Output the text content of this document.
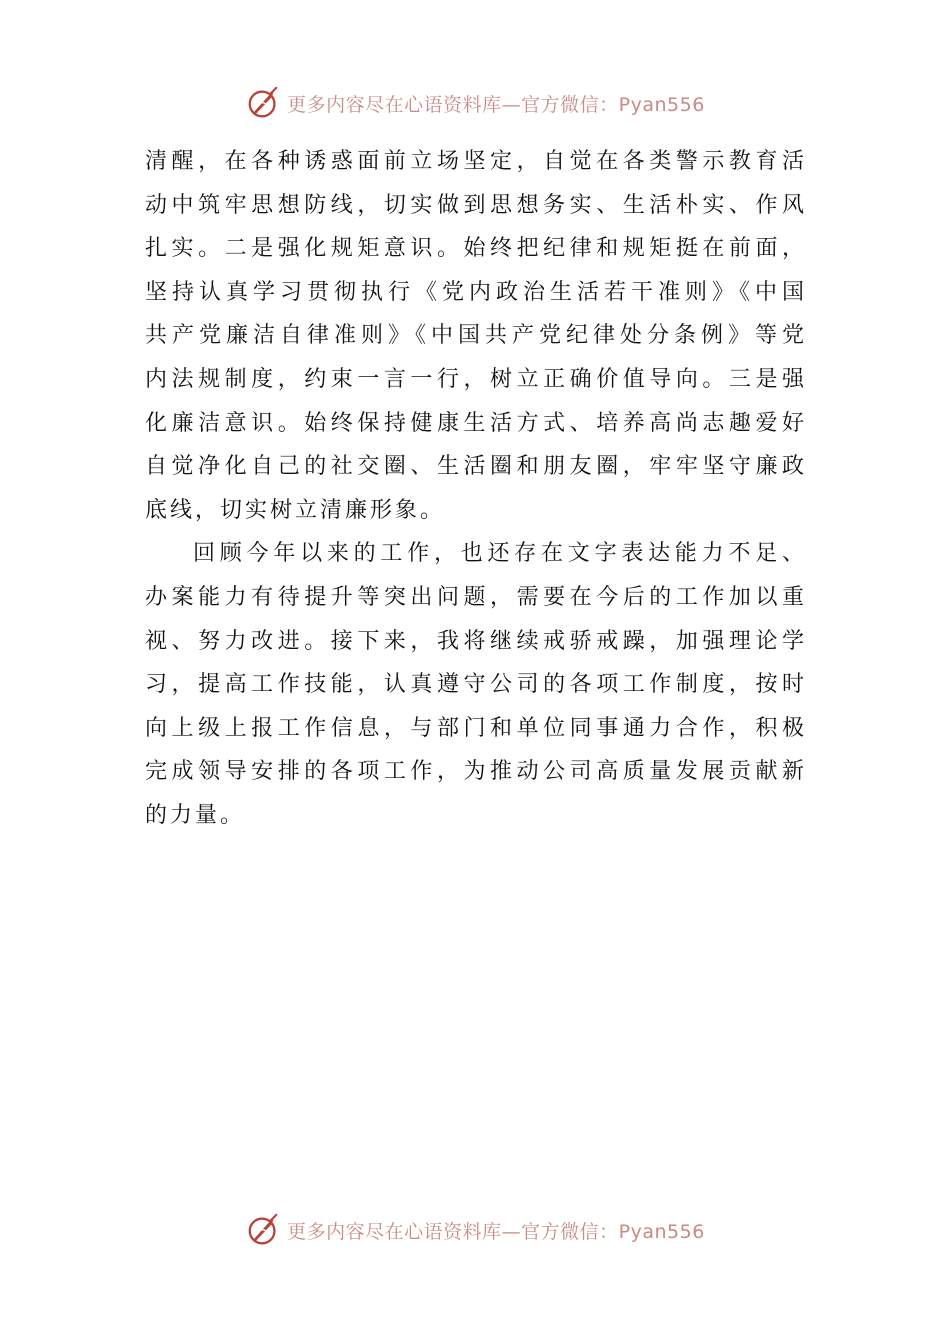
更多内容尽在心语资料库—官方微信：Pyan556
清醒，在各种诱惑面前立场坚定，自觉在各类警示教育活
动中筑牢思想防线，切实做到思想务实、生活朴实、作风
扎实。二是强化规矩意识。始终把纪律和规矩挺在前面，
坚持认真学习贯彻执行《党内政治生活若干准则》《中国
共产党廉洁自律准则》《中国共产党纪律处分条例》等党
内法规制度，约束一言一行，树立正确价值导向。三是强
化廉洁意识。始终保持健康生活方式、培养高尚志趣爱好
自觉净化自己的社交圈、生活圈和朋友圈，牢牢坚守廉政
底线，切实树立清廉形象。
回顾今年以来的工作，也还存在文字表达能力不足、
办案能力有待提升等突出问题，需要在今后的工作加以重
视、努力改进。接下来，我将继续戒骄戒躁，加强理论学
习，提高工作技能，认真遵守公司的各项工作制度，按时
向上级上报工作信息，与部门和单位同事通力合作，积极
完成领导安排的各项工作，为推动公司高质量发展贡献新
的力量。
更多内容尽在心语资料库—官方微信：Pyan556
